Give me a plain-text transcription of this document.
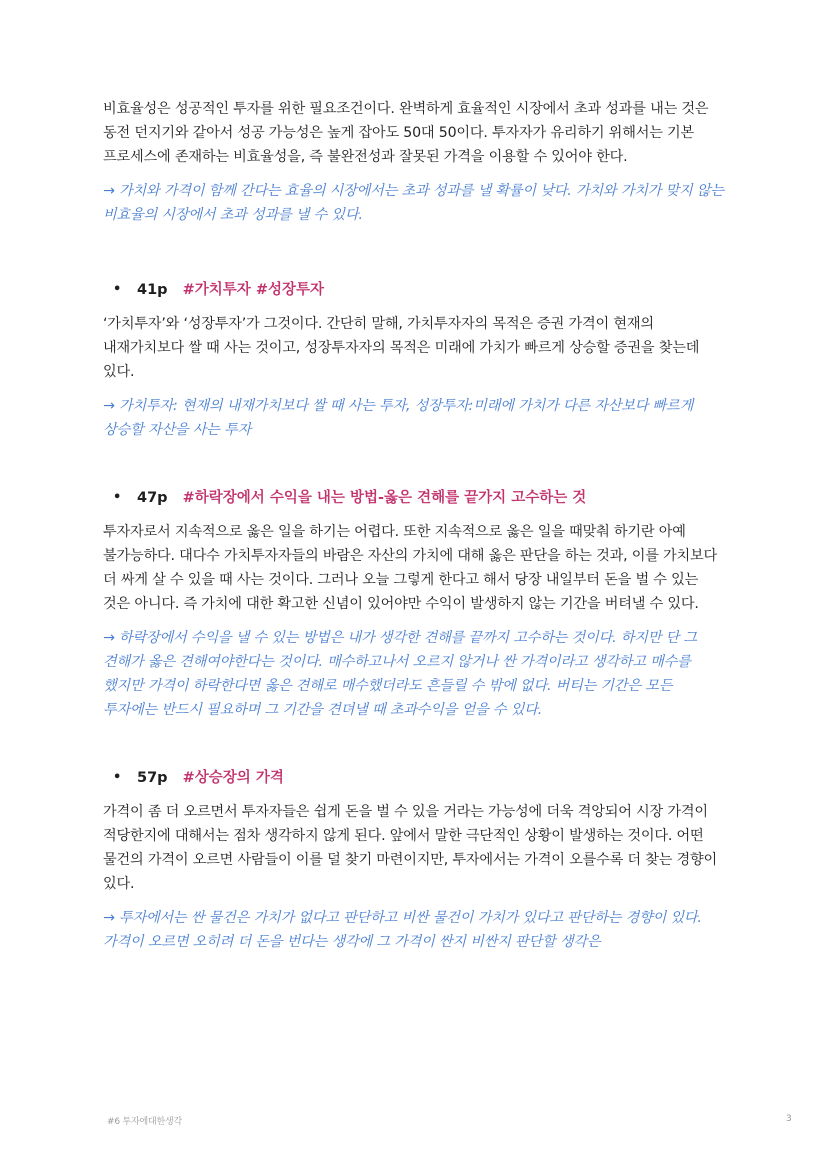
비효율성은 성공적인 투자를 위한 필요조건이다. 완벽하게 효율적인 시장에서 초과 성과를 내는 것은 동전 던지기와 같아서 성공 가능성은 높게 잡아도 50대 50이다. 투자자가 유리하기 위해서는 기본 프로세스에 존재하는 비효율성을, 즉 불완전성과 잘못된 가격을 이용할 수 있어야 한다.

→ 가치와 가격이 함께 간다는 효율의 시장에서는 초과 성과를 낼 확률이 낮다. 가치와 가치가 맞지 않는 비효율의 시장에서 초과 성과를 낼 수 있다.

• 41p #가치투자 #성장투자

‘가치투자’와 ‘성장투자’가 그것이다. 간단히 말해, 가치투자자의 목적은 증권 가격이 현재의 내재가치보다 쌀 때 사는 것이고, 성장투자자의 목적은 미래에 가치가 빠르게 상승할 증권을 찾는데 있다.

→ 가치투자: 현재의 내재가치보다 쌀 때 사는 투자, 성장투자:미래에 가치가 다른 자산보다 빠르게 상승할 자산을 사는 투자

• 47p #하락장에서 수익을 내는 방법-옳은 견해를 끝가지 고수하는 것

투자자로서 지속적으로 옳은 일을 하기는 어렵다. 또한 지속적으로 옳은 일을 때맞춰 하기란 아예 불가능하다. 대다수 가치투자자들의 바람은 자산의 가치에 대해 옳은 판단을 하는 것과, 이를 가치보다 더 싸게 살 수 있을 때 사는 것이다. 그러나 오늘 그렇게 한다고 해서 당장 내일부터 돈을 벌 수 있는 것은 아니다. 즉 가치에 대한 확고한 신념이 있어야만 수익이 발생하지 않는 기간을 버텨낼 수 있다.

→ 하락장에서 수익을 낼 수 있는 방법은 내가 생각한 견해를 끝까지 고수하는 것이다. 하지만 단 그 견해가 옳은 견해여야한다는 것이다. 매수하고나서 오르지 않거나 싼 가격이라고 생각하고 매수를 했지만 가격이 하락한다면 옳은 견해로 매수했더라도 흔들릴 수 밖에 없다. 버티는 기간은 모든 투자에는 반드시 필요하며 그 기간을 견뎌낼 때 초과수익을 얻을 수 있다.

• 57p #상승장의 가격

가격이 좀 더 오르면서 투자자들은 쉽게 돈을 벌 수 있을 거라는 가능성에 더욱 격앙되어 시장 가격이 적당한지에 대해서는 점차 생각하지 않게 된다. 앞에서 말한 극단적인 상황이 발생하는 것이다. 어떤 물건의 가격이 오르면 사람들이 이를 덜 찾기 마련이지만, 투자에서는 가격이 오를수록 더 찾는 경향이 있다.

→ 투자에서는 싼 물건은 가치가 없다고 판단하고 비싼 물건이 가치가 있다고 판단하는 경향이 있다. 가격이 오르면 오히려 더 돈을 번다는 생각에 그 가격이 싼지 비싼지 판단할 생각은

#6 투자에대한생각	3
